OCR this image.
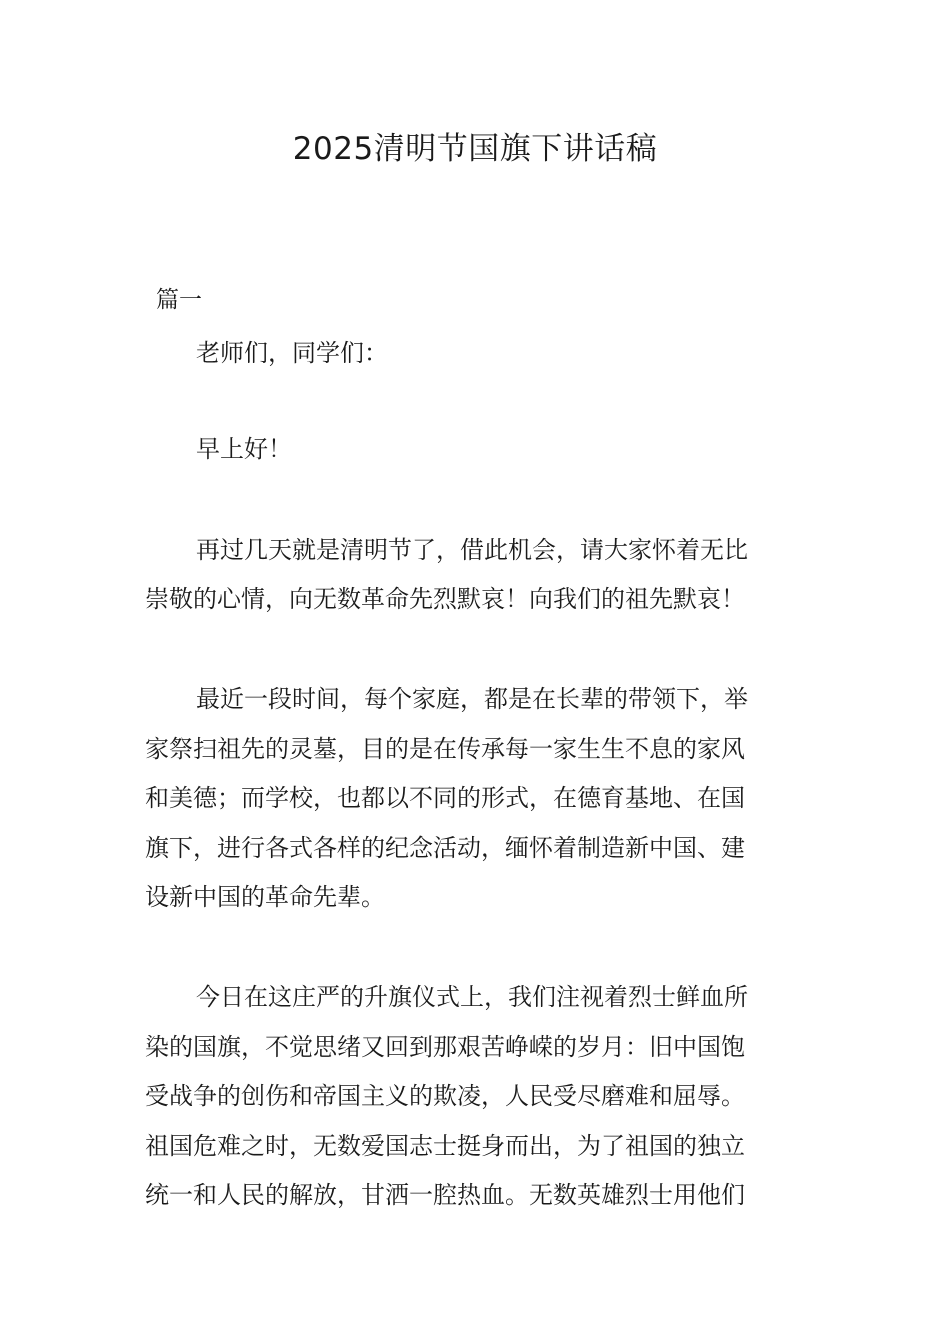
2025清明节国旗下讲话稿
篇一
老师们，同学们：
早上好！
再过几天就是清明节了，借此机会，请大家怀着无比
崇敬的心情，向无数革命先烈默哀！向我们的祖先默哀！
最近一段时间，每个家庭，都是在长辈的带领下，举
家祭扫祖先的灵墓，目的是在传承每一家生生不息的家风
和美德；而学校，也都以不同的形式，在德育基地、在国
旗下，进行各式各样的纪念活动，缅怀着制造新中国、建
设新中国的革命先辈。
今日在这庄严的升旗仪式上，我们注视着烈士鲜血所
染的国旗，不觉思绪又回到那艰苦峥嵘的岁月：旧中国饱
受战争的创伤和帝国主义的欺凌，人民受尽磨难和屈辱。
祖国危难之时，无数爱国志士挺身而出，为了祖国的独立
统一和人民的解放，甘洒一腔热血。无数英雄烈士用他们
